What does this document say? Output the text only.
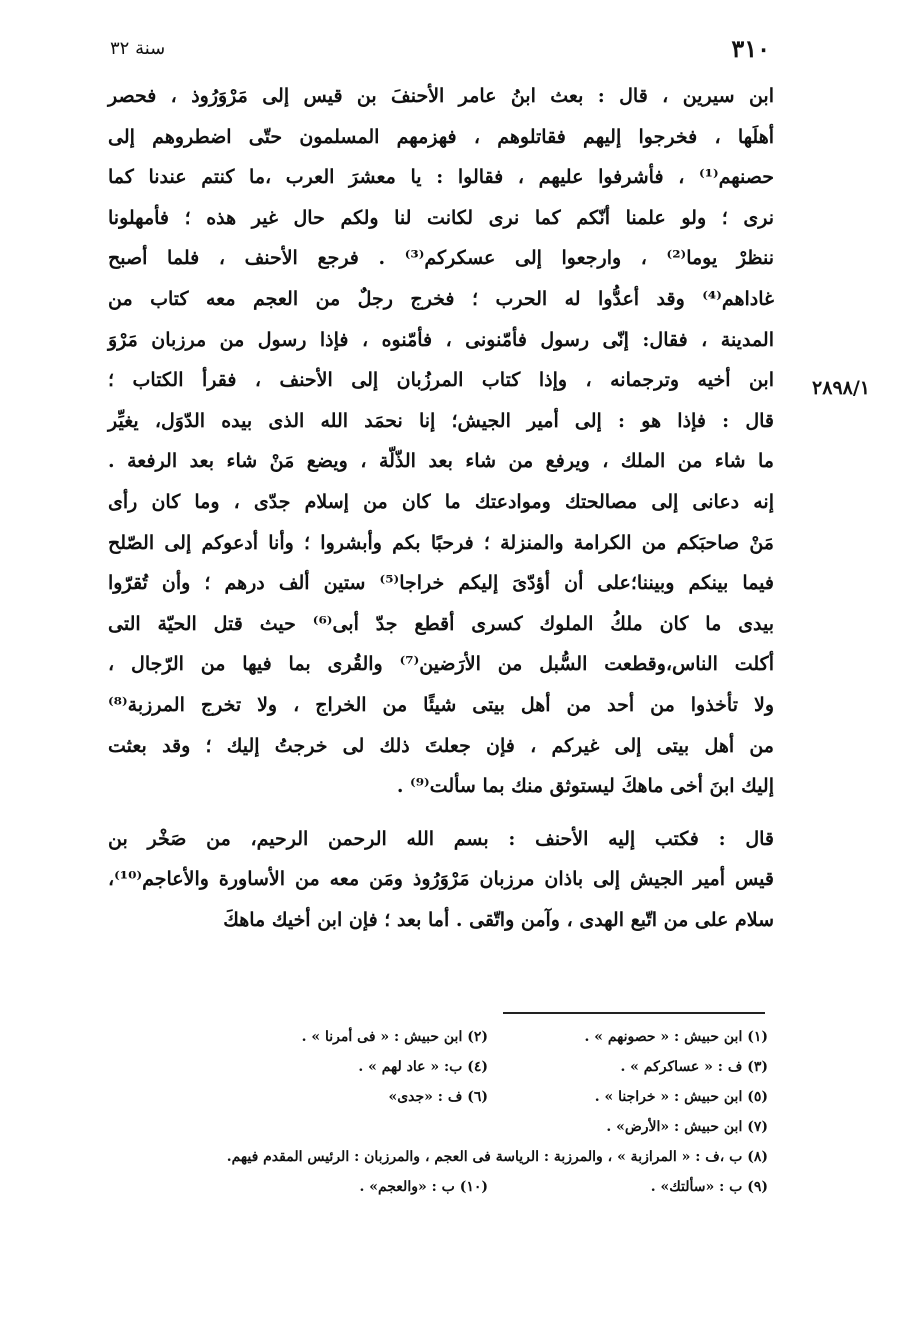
٣١٠
سنة ٣٢
٢٨٩٨/١

ابن سيرين ، قال : بعث ابنُ عامر الأحنفَ بن قيس إلى مَرْوَرُوذ ، فحصر
أهلَها ، فخرجوا إليهم فقاتلوهم ، فهزمهم المسلمون حتّى اضطروهم إلى
حصنهم⁽¹⁾ ، فأشرفوا عليهم ، فقالوا : يا معشرَ العرب ،ما كنتم عندنا كما
نرى ؛ ولو علمنا أنّكم كما نرى لكانت لنا ولكم حال غير هذه ؛ فأمهلونا
ننظرْ يوما⁽²⁾ ، وارجعوا إلى عسكركم⁽³⁾ . فرجع الأحنف ، فلما أصبح
غاداهم⁽⁴⁾ وقد أعدُّوا له الحرب ؛ فخرج رجلٌ من العجم معه كتاب من
المدينة ، فقال: إنّى رسول فأمّنونى ، فأمّنوه ، فإذا رسول من مرزبان مَرْوَ
ابن أخيه وترجمانه ، وإذا كتاب المرزُبان إلى الأحنف ، فقرأ الكتاب ؛
قال : فإذا هو : إلى أمير الجيش؛ إنا نحمَد الله الذى بيده الدّوَل، يغيِّر
ما شاء من الملك ، ويرفع من شاء بعد الذّلّة ، ويضع مَنْ شاء بعد الرفعة .
إنه دعانى إلى مصالحتك وموادعتك ما كان من إسلام جدّى ، وما كان رأى
مَنْ صاحبَكم من الكرامة والمنزلة ؛ فرحبًا بكم وأبشروا ؛ وأنا أدعوكم إلى الصّلح
فيما بينكم وبيننا؛على أن أؤدّىَ إليكم خراجا⁽⁵⁾ ستين ألف درهم ؛ وأن تُقرّوا
بيدى ما كان ملكُ الملوك كسرى أقطع جدّ أبى⁽⁶⁾ حيث قتل الحيّة التى
أكلت الناس،وقطعت السُّبل من الأرَضين⁽⁷⁾ والقُرى بما فيها من الرّجال ،
ولا تأخذوا من أحد من أهل بيتى شيئًا من الخراج ، ولا تخرج المرزبة⁽⁸⁾
من أهل بيتى إلى غيركم ، فإن جعلتَ ذلك لى خرجتُ إليك ؛ وقد بعثت
إليك ابنَ أخى ماهكَ ليستوثق منك بما سألت⁽⁹⁾ .

قال : فكتب إليه الأحنف : بسم الله الرحمن الرحيم، من صَخْر بن
قيس أمير الجيش إلى باذان مرزبان مَرْوَرُوذ ومَن معه من الأساورة والأعاجم⁽¹⁰⁾،
سلام على من اتّبع الهدى ، وآمن واتّقى . أما بعد ؛ فإن ابن أخيك ماهكَ

(١) ابن حبيش : « حصونهم » .
(٢) ابن حبيش : « فى أمرنا » .
(٣) ف : « عساكركم » .
(٤) ب: « عاد لهم » .
(٥) ابن حبيش : « خراجنا » .
(٦) ف : «جدى»
(٧) ابن حبيش : «الأرض» .
(٨) ب ،ف : « المرازبة » ، والمرزبة : الرياسة فى العجم ، والمرزبان : الرئيس المقدم فيهم.
(٩) ب : «سألتك» .
(١٠) ب : «والعجم» .
